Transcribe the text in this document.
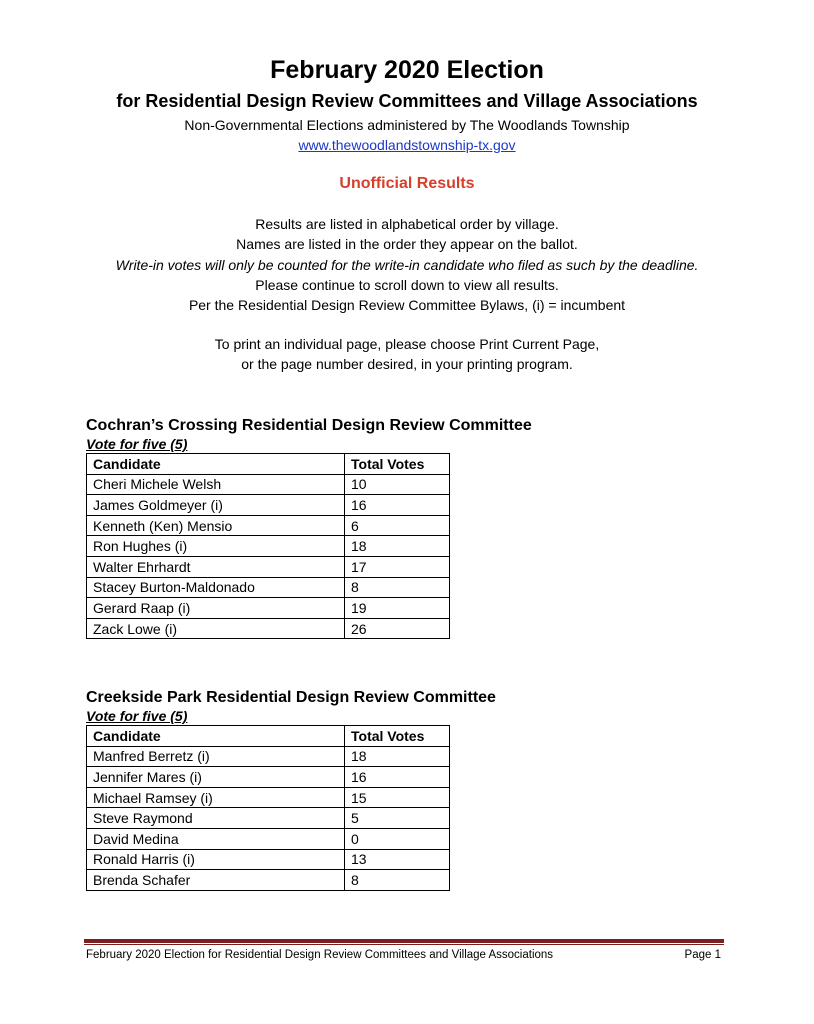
February 2020 Election
for Residential Design Review Committees and Village Associations
Non-Governmental Elections administered by The Woodlands Township
www.thewoodlandstownship-tx.gov
Unofficial Results
Results are listed in alphabetical order by village.
Names are listed in the order they appear on the ballot.
Write-in votes will only be counted for the write-in candidate who filed as such by the deadline.
Please continue to scroll down to view all results.
Per the Residential Design Review Committee Bylaws, (i) = incumbent
To print an individual page, please choose Print Current Page,
or the page number desired, in your printing program.
Cochran’s Crossing Residential Design Review Committee
Vote for five (5)
Candidate	Total Votes
Cheri Michele Welsh	10
James Goldmeyer (i)	16
Kenneth (Ken) Mensio	6
Ron Hughes (i)	18
Walter Ehrhardt	17
Stacey Burton-Maldonado	8
Gerard Raap (i)	19
Zack Lowe (i)	26
Creekside Park Residential Design Review Committee
Vote for five (5)
Candidate	Total Votes
Manfred Berretz (i)	18
Jennifer Mares (i)	16
Michael Ramsey (i)	15
Steve Raymond	5
David Medina	0
Ronald Harris (i)	13
Brenda Schafer	8
February 2020 Election for Residential Design Review Committees and Village Associations	Page 1
